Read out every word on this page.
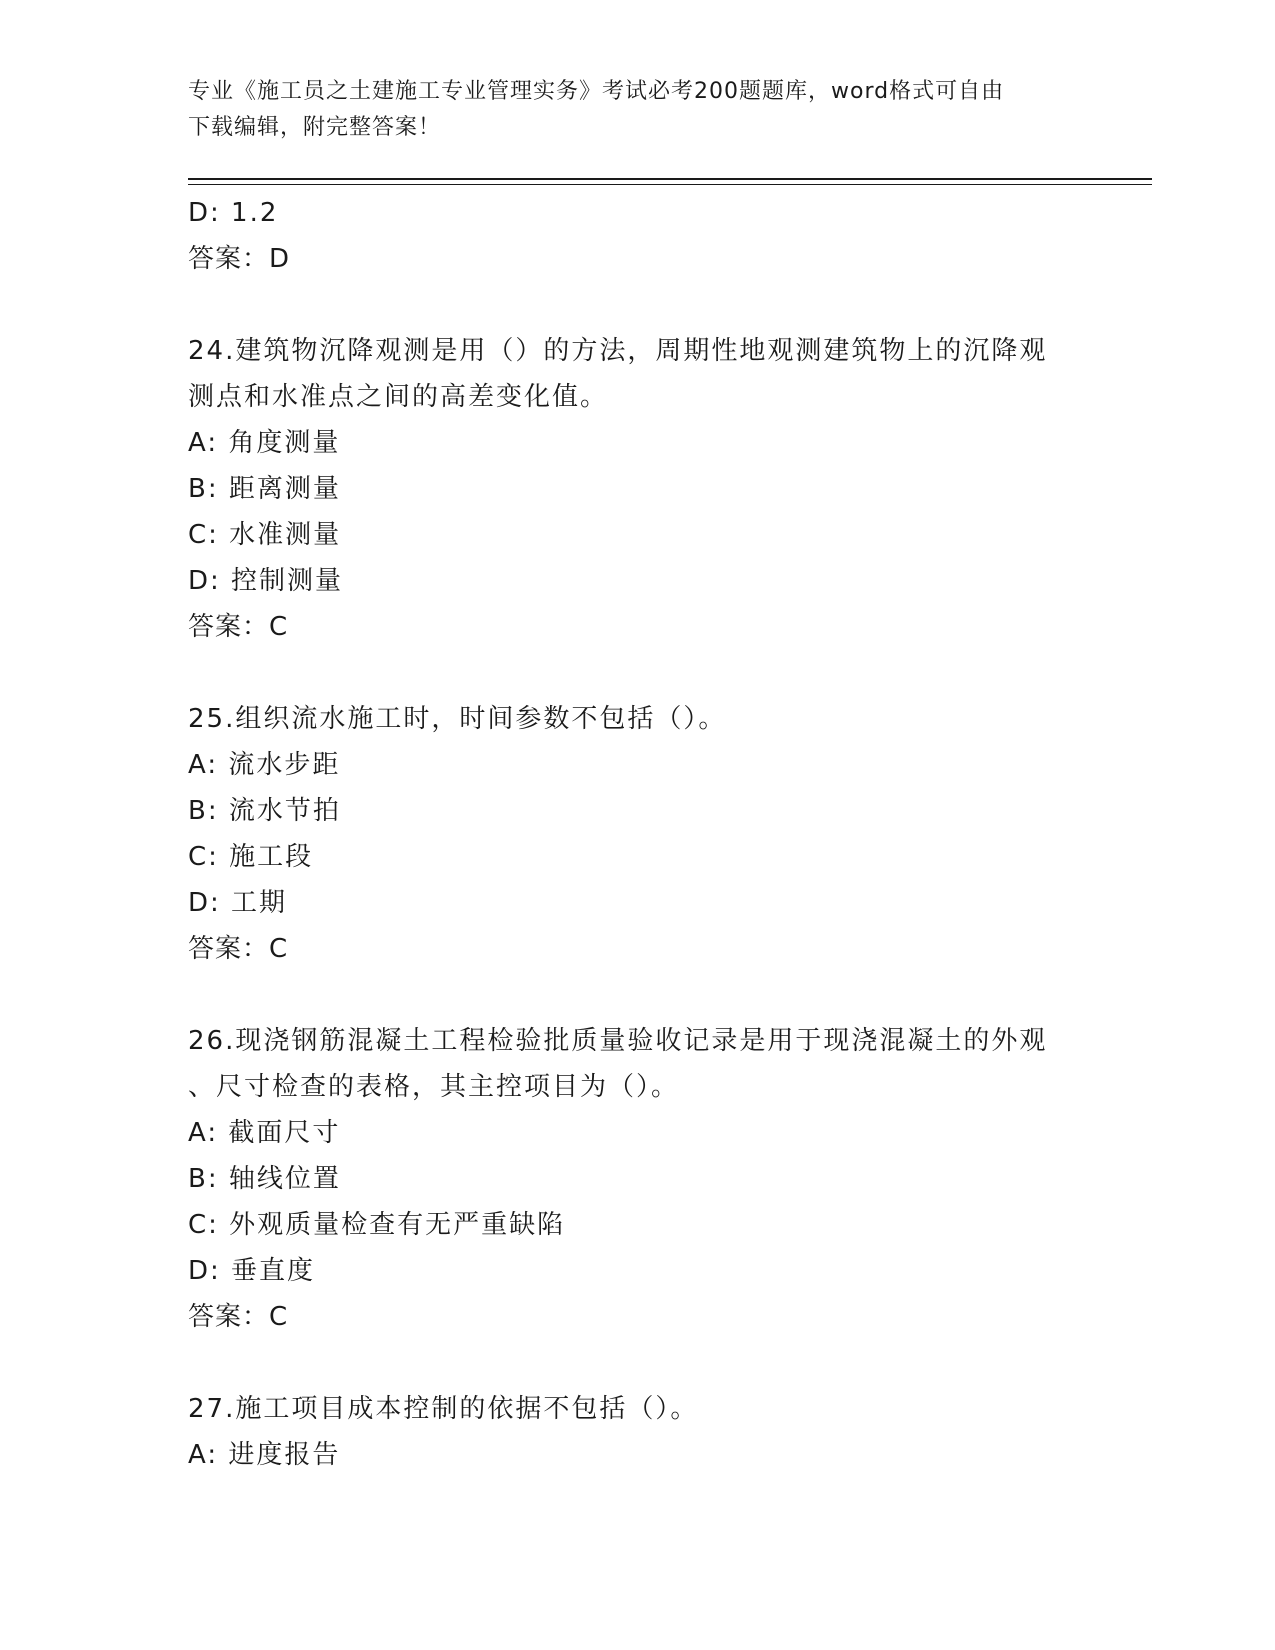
专业《施工员之土建施工专业管理实务》考试必考200题题库，word格式可自由
下载编辑，附完整答案！

D: 1.2

答案：D

24.建筑物沉降观测是用（）的方法，周期性地观测建筑物上的沉降观

测点和水准点之间的高差变化值。

A: 角度测量

B: 距离测量

C: 水准测量

D: 控制测量

答案：C

25.组织流水施工时，时间参数不包括（）。

A: 流水步距

B: 流水节拍

C: 施工段

D: 工期

答案：C

26.现浇钢筋混凝土工程检验批质量验收记录是用于现浇混凝土的外观

、尺寸检查的表格，其主控项目为（）。

A: 截面尺寸

B: 轴线位置

C: 外观质量检查有无严重缺陷

D: 垂直度

答案：C

27.施工项目成本控制的依据不包括（）。

A: 进度报告
